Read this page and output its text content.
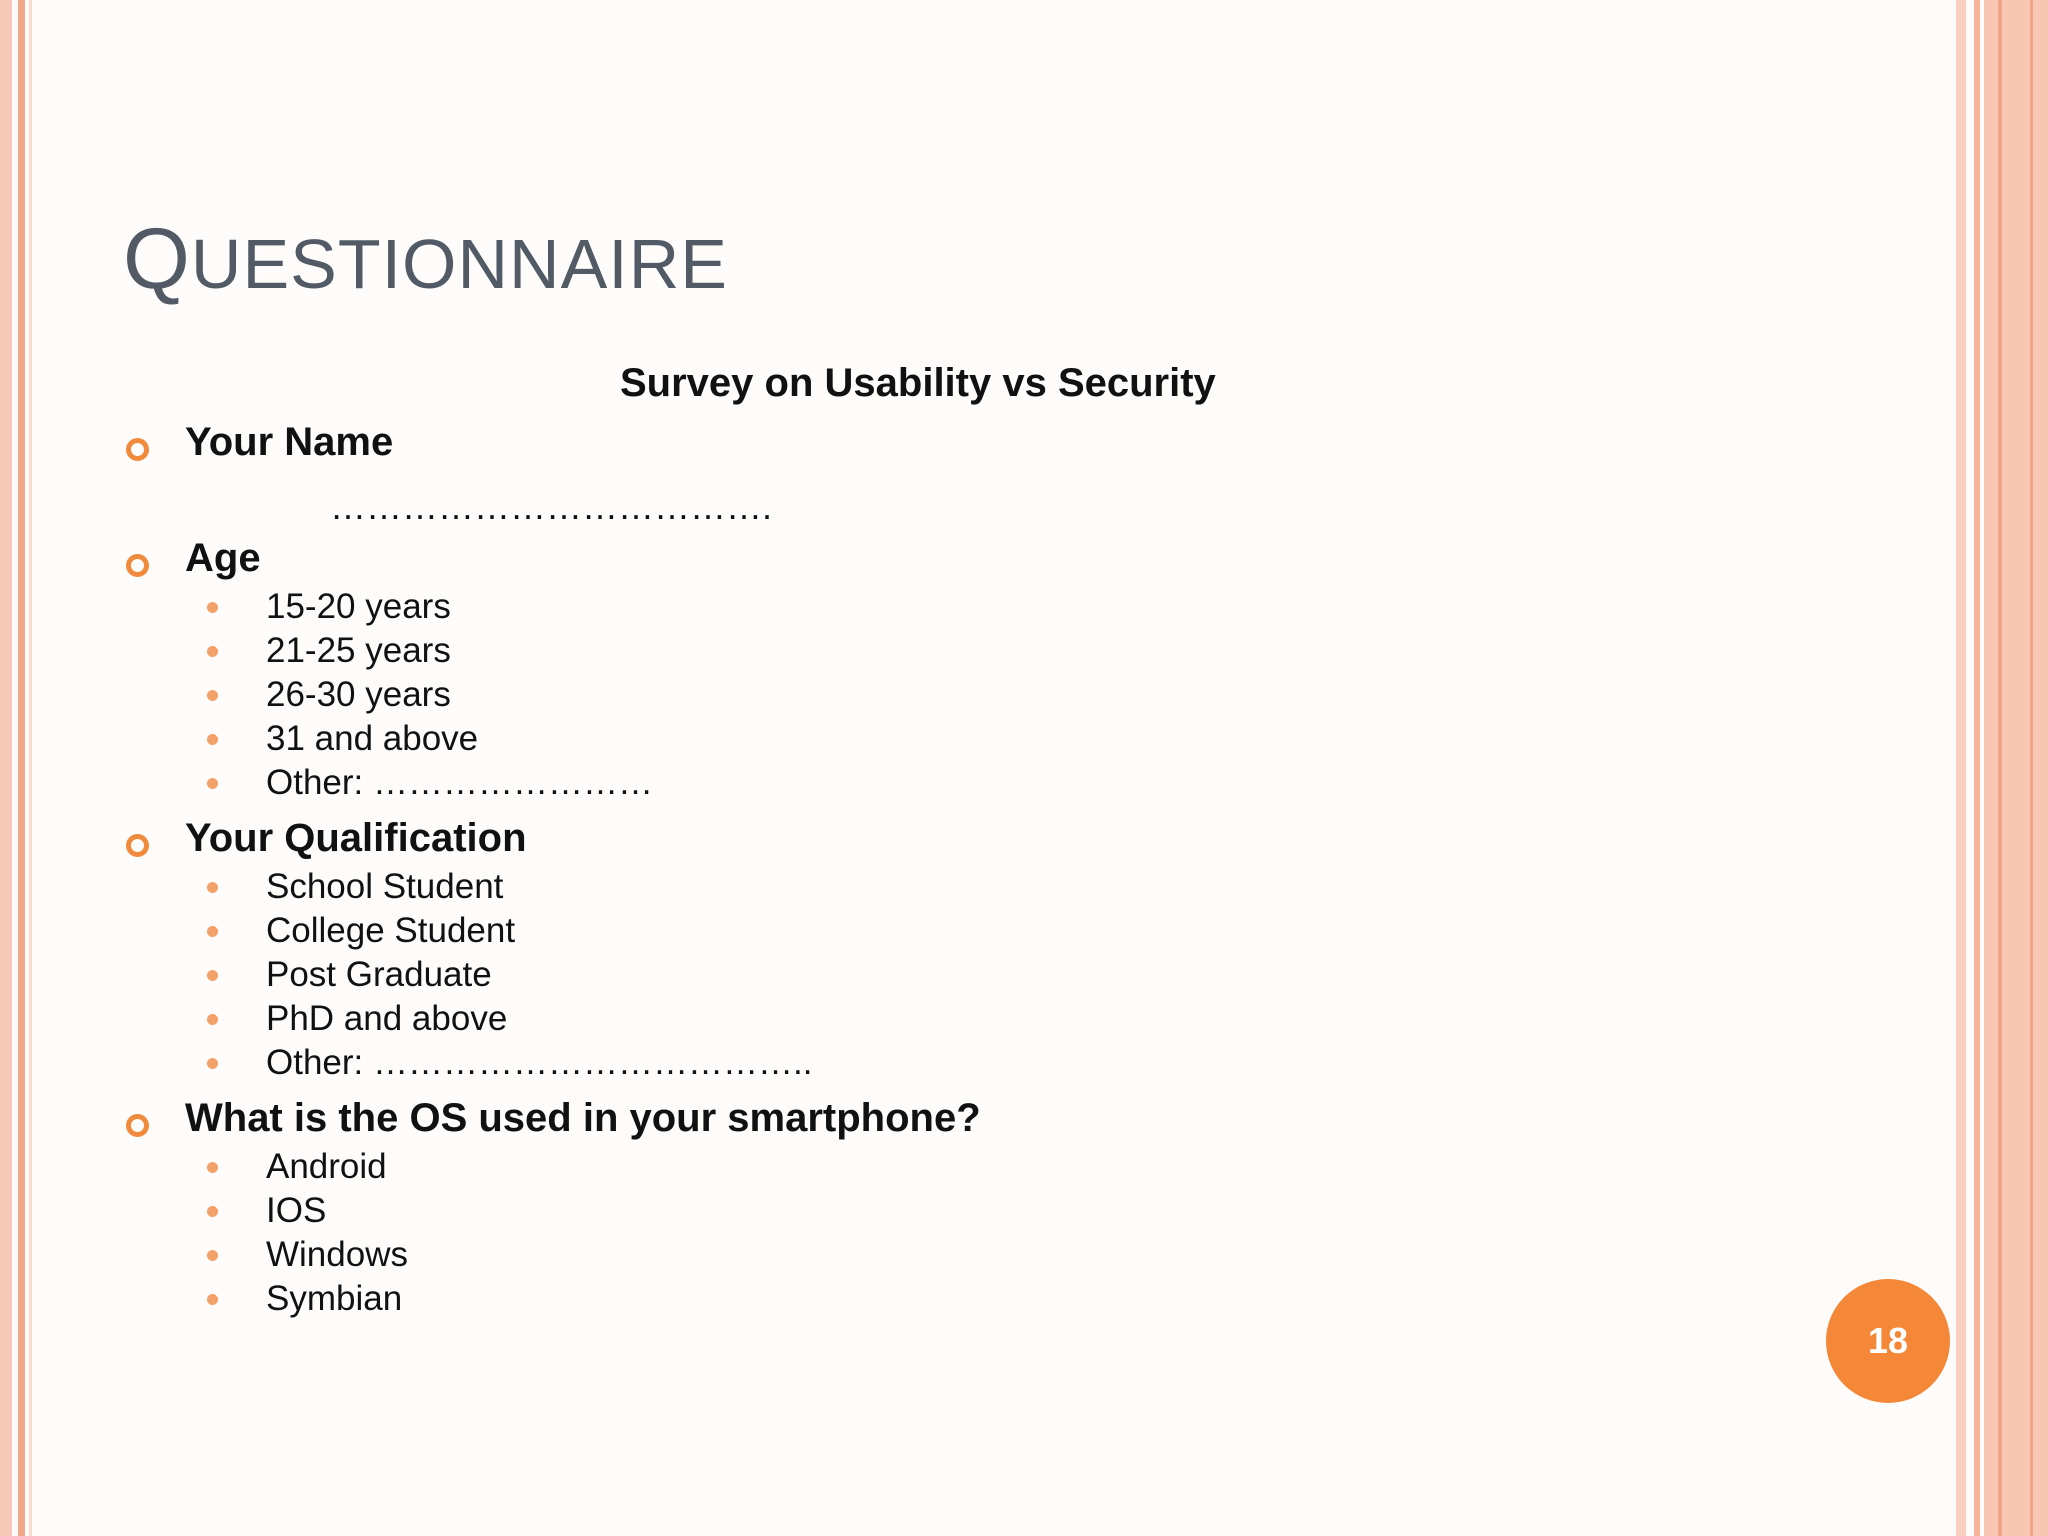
QUESTIONNAIRE
Survey on Usability vs Security
Your Name
……………………………….
Age
15-20 years
21-25 years
26-30 years
31 and above
Other: ……………………
Your Qualification
School Student
College Student
Post Graduate
PhD and above
Other: ………………………………..
What is the OS used in your smartphone?
Android
IOS
Windows
Symbian
18
